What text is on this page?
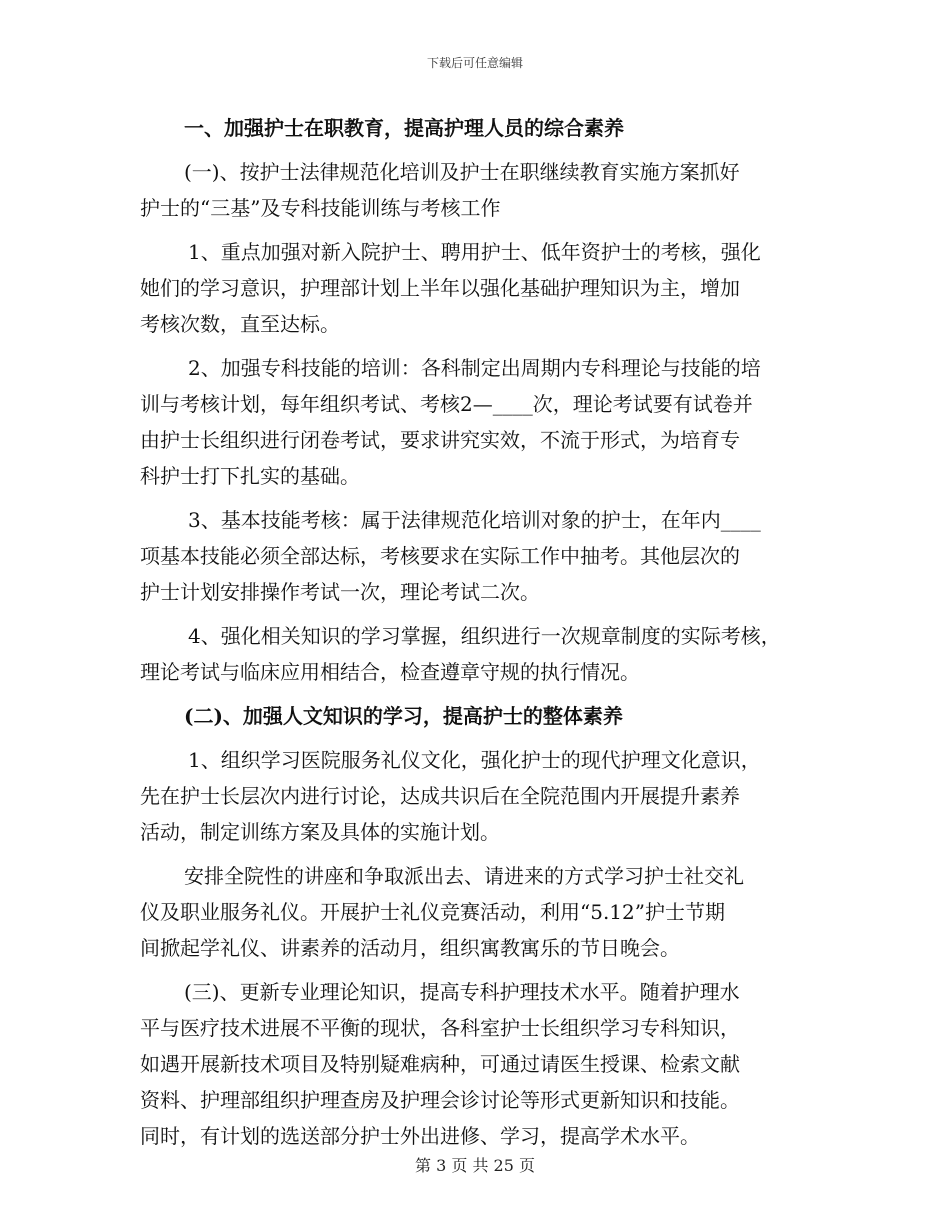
下载后可任意编辑
一、加强护士在职教育，提高护理人员的综合素养
(一)、按护士法律规范化培训及护士在职继续教育实施方案抓好
护士的“三基”及专科技能训练与考核工作
1、重点加强对新入院护士、聘用护士、低年资护士的考核，强化
她们的学习意识，护理部计划上半年以强化基础护理知识为主，增加
考核次数，直至达标。
2、加强专科技能的培训：各科制定出周期内专科理论与技能的培
训与考核计划，每年组织考试、考核2—____次，理论考试要有试卷并
由护士长组织进行闭卷考试，要求讲究实效，不流于形式，为培育专
科护士打下扎实的基础。
3、基本技能考核：属于法律规范化培训对象的护士，在年内____
项基本技能必须全部达标，考核要求在实际工作中抽考。其他层次的
护士计划安排操作考试一次，理论考试二次。
4、强化相关知识的学习掌握，组织进行一次规章制度的实际考核，
理论考试与临床应用相结合，检查遵章守规的执行情况。
(二)、加强人文知识的学习，提高护士的整体素养
1、组织学习医院服务礼仪文化，强化护士的现代护理文化意识，
先在护士长层次内进行讨论，达成共识后在全院范围内开展提升素养
活动，制定训练方案及具体的实施计划。
安排全院性的讲座和争取派出去、请进来的方式学习护士社交礼
仪及职业服务礼仪。开展护士礼仪竞赛活动，利用“5.12”护士节期
间掀起学礼仪、讲素养的活动月，组织寓教寓乐的节日晚会。
(三)、更新专业理论知识，提高专科护理技术水平。随着护理水
平与医疗技术进展不平衡的现状，各科室护士长组织学习专科知识，
如遇开展新技术项目及特别疑难病种，可通过请医生授课、检索文献
资料、护理部组织护理查房及护理会诊讨论等形式更新知识和技能。
同时，有计划的选送部分护士外出进修、学习，提高学术水平。
第 3 页 共 25 页
